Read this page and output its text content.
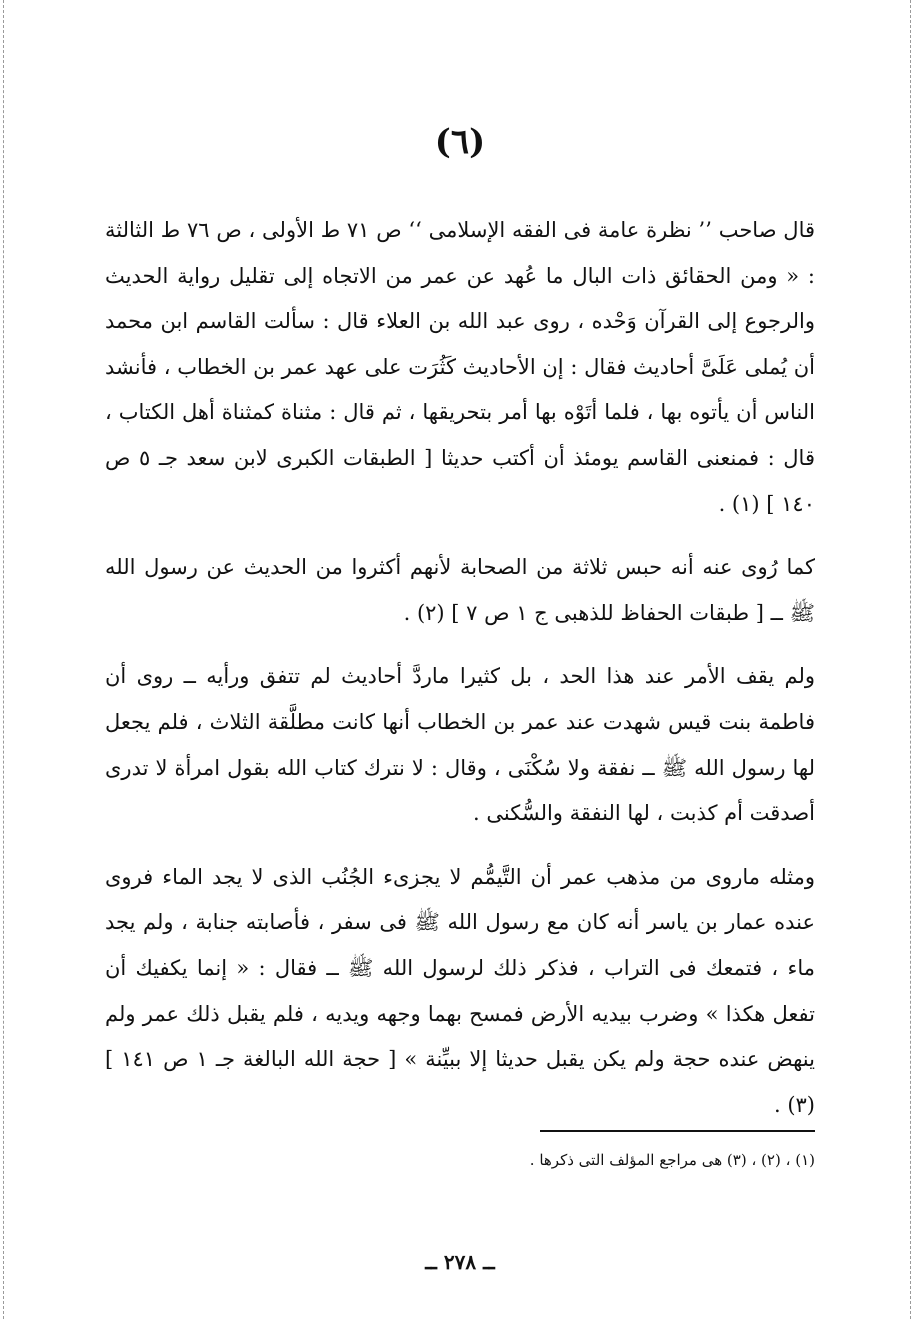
(٦)

قال صاحب ’’ نظرة عامة فى الفقه الإسلامى ‘‘ ص ٧١ ط الأولى ، ص ٧٦ ط الثالثة : « ومن الحقائق ذات البال ما عُهد عن عمر من الاتجاه إلى تقليل رواية الحديث والرجوع إلى القرآن وَحْده ، روى عبد الله بن العلاء قال : سألت القاسم ابن محمد أن يُملى عَلَىَّ أحاديث فقال : إن الأحاديث كَثُرَت على عهد عمر بن الخطاب ، فأنشد الناس أن يأتوه بها ، فلما أتَوْه بها أمر بتحريقها ، ثم قال : مثناة كمثناة أهل الكتاب ، قال : فمنعنى القاسم يومئذ أن أكتب حديثا [ الطبقات الكبرى لابن سعد جـ ٥ ص ١٤٠ ] (١) .

كما رُوى عنه أنه حبس ثلاثة من الصحابة لأنهم أكثروا من الحديث عن رسول الله ﷺ ــ [ طبقات الحفاظ للذهبى ج ١ ص ٧ ] (٢) .

ولم يقف الأمر عند هذا الحد ، بل كثيرا ماردَّ أحاديث لم تتفق ورأيه ــ روى أن فاطمة بنت قيس شهدت عند عمر بن الخطاب أنها كانت مطلَّقة الثلاث ، فلم يجعل لها رسول الله ﷺ ــ نفقة ولا سُكْنَى ، وقال : لا نترك كتاب الله بقول امرأة لا تدرى أصدقت أم كذبت ، لها النفقة والسُّكنى .

ومثله ماروى من مذهب عمر أن التَّيمُّم لا يجزىء الجُنُب الذى لا يجد الماء فروى عنده عمار بن ياسر أنه كان مع رسول الله ﷺ فى سفر ، فأصابته جنابة ، ولم يجد ماء ، فتمعك فى التراب ، فذكر ذلك لرسول الله ﷺ ــ فقال : « إنما يكفيك أن تفعل هكذا » وضرب بيديه الأرض فمسح بهما وجهه ويديه ، فلم يقبل ذلك عمر ولم ينهض عنده حجة ولم يكن يقبل حديثا إلا ببيِّنة » [ حجة الله البالغة جـ ١ ص ١٤١ ] (٣) .

(١) ، (٢) ، (٣) هى مراجع المؤلف التى ذكرها .
ــ ٢٧٨ ــ
